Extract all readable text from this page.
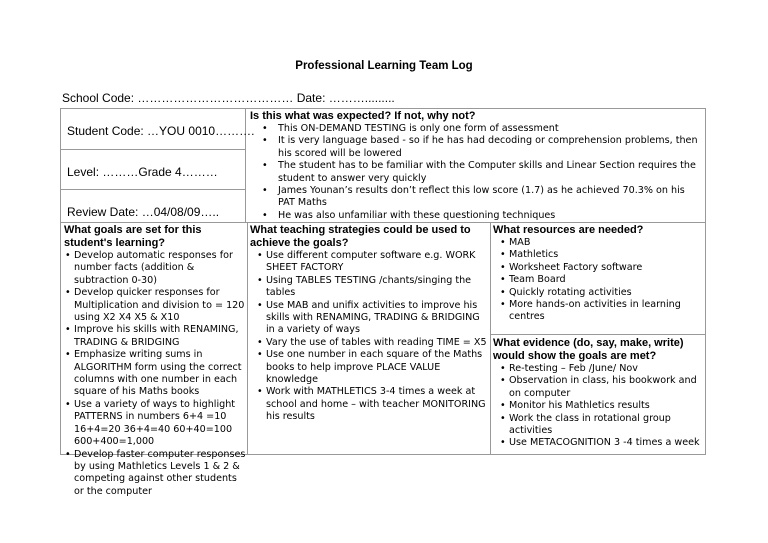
Professional Learning Team Log
School Code: ………………………………… Date: ……….........
Student Code: …YOU 0010……….
Level: ………Grade 4………
Review Date: …04/08/09…..

Is this what was expected? If not, why not?

• This ON-DEMAND TESTING is only one form of assessment
• It is very language based - so if he has had decoding or comprehension problems, then his scored will be lowered
• The student has to be familiar with the Computer skills and Linear Section requires the student to answer very quickly
• James Younan’s results don’t reflect this low score (1.7) as he achieved 70.3% on his PAT Maths
• He was also unfamiliar with these questioning techniques

What goals are set for this student's learning?

• Develop automatic responses for number facts (addition & subtraction 0-30)
• Develop quicker responses for Multiplication and division to = 120 using X2 X4 X5 & X10
• Improve his skills with RENAMING, TRADING & BRIDGING
• Emphasize writing sums in ALGORITHM form using the correct columns with one number in each square of his Maths books
• Use a variety of ways to highlight PATTERNS in numbers 6+4 =10 16+4=20 36+4=40 60+40=100 600+400=1,000
• Develop faster computer responses by using Mathletics Levels 1 & 2 & competing against other students or the computer

What teaching strategies could be used to achieve the goals?

• Use different computer software e.g. WORK SHEET FACTORY
• Using TABLES TESTING /chants/singing the tables
• Use MAB and unifix activities to improve his skills with RENAMING, TRADING & BRIDGING in a variety of ways
• Vary the use of tables with reading TIME = X5
• Use one number in each square of the Maths books to help improve PLACE VALUE knowledge
• Work with MATHLETICS 3-4 times a week at school and home – with teacher MONITORING his results

What resources are needed?

• MAB
• Mathletics
• Worksheet Factory software
• Team Board
• Quickly rotating activities
• More hands-on activities in learning centres

What evidence (do, say, make, write) would show the goals are met?

• Re-testing – Feb /June/ Nov
• Observation in class, his bookwork and on computer
• Monitor his Mathletics results
• Work the class in rotational group activities
• Use METACOGNITION 3 -4 times a week
